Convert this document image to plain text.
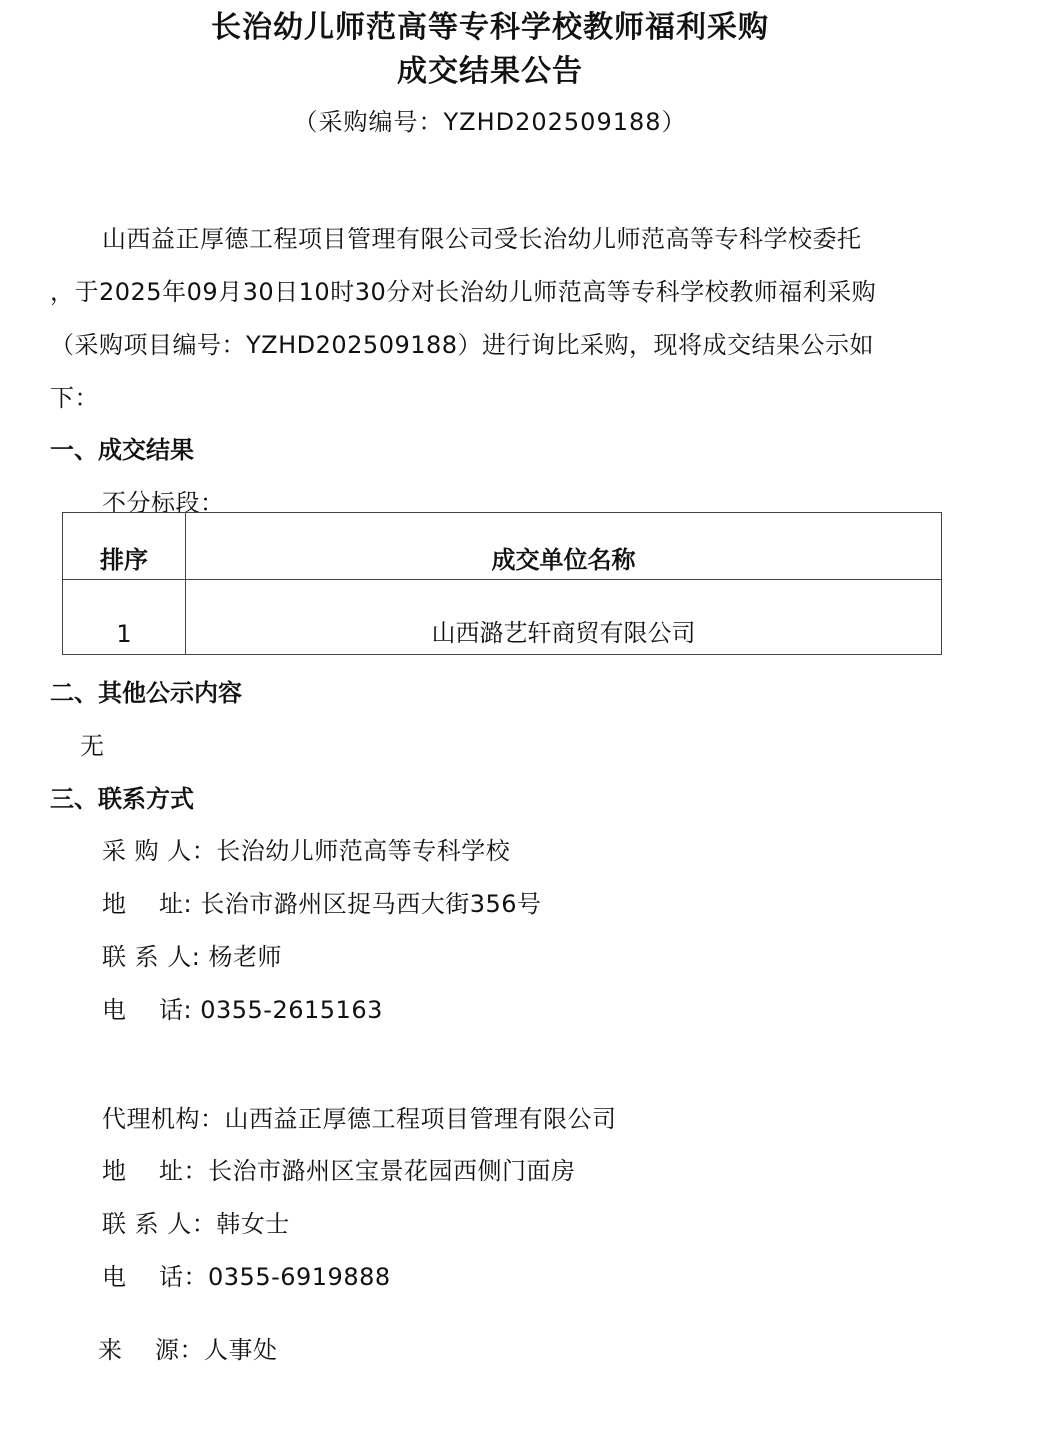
长治幼儿师范高等专科学校教师福利采购
成交结果公告
（采购编号：YZHD202509188）
山西益正厚德工程项目管理有限公司受长治幼儿师范高等专科学校委托
，于2025年09月30日10时30分对长治幼儿师范高等专科学校教师福利采购
（采购项目编号：YZHD202509188）进行询比采购，现将成交结果公示如
下：
一、成交结果
不分标段：
排序	成交单位名称
1	山西潞艺轩商贸有限公司
二、其他公示内容
无
三、联系方式
采 购 人：长治幼儿师范高等专科学校
地    址: 长治市潞州区捉马西大街356号
联 系 人: 杨老师
电    话: 0355-2615163
代理机构：山西益正厚德工程项目管理有限公司
地    址：长治市潞州区宝景花园西侧门面房
联 系 人：韩女士
电    话：0355-6919888
来    源：人事处
